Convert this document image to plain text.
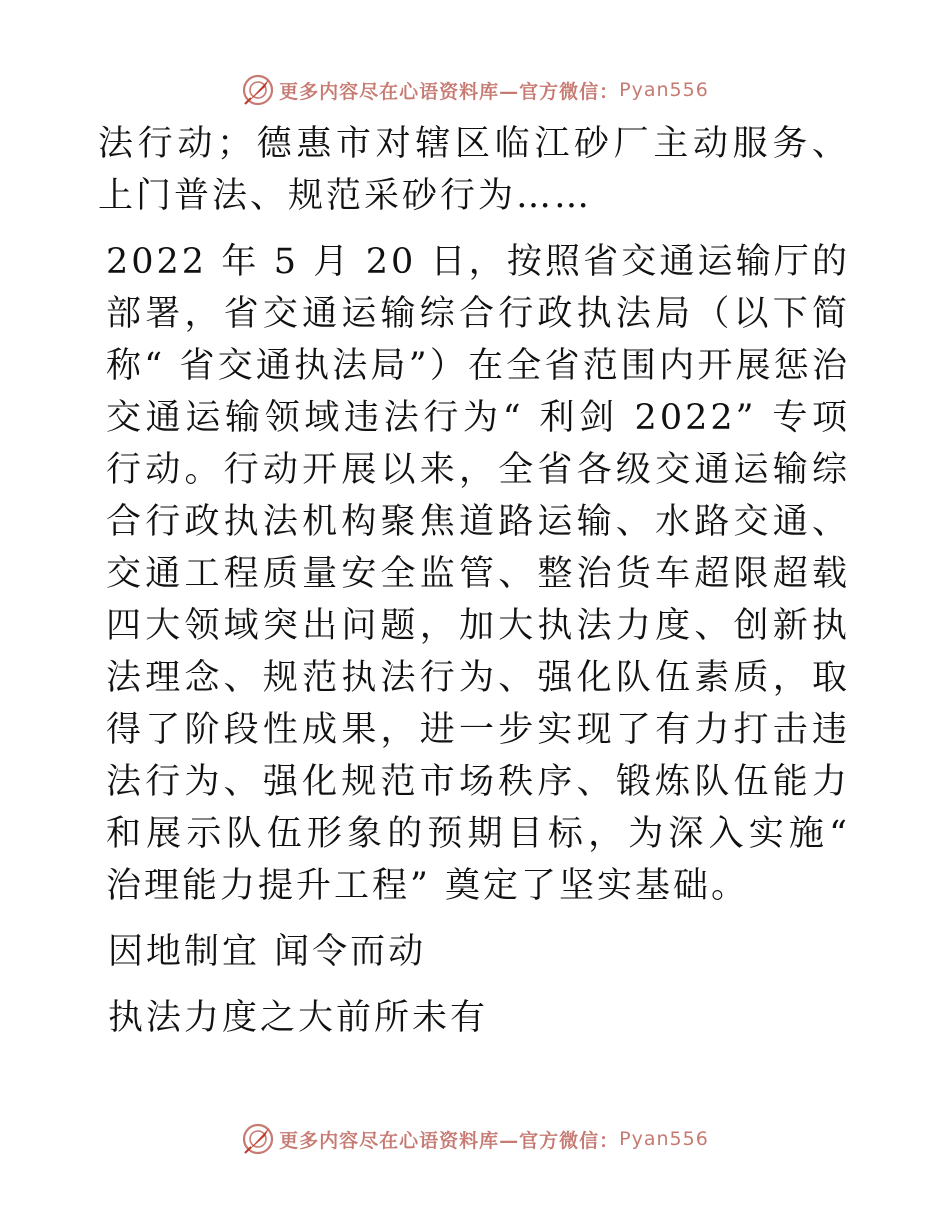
更多内容尽在心语资料库—官方微信： Pyan556

法行动；德惠市对辖区临江砂厂主动服务、上门普法、规范采砂行为……

2022 年 5 月 20 日，按照省交通运输厅的部署，省交通运输综合行政执法局（以下简称“ 省交通执法局”）在全省范围内开展惩治交通运输领域违法行为“ 利剑 2022” 专项行动。行动开展以来，全省各级交通运输综合行政执法机构聚焦道路运输、水路交通、交通工程质量安全监管、整治货车超限超载四大领域突出问题，加大执法力度、创新执法理念、规范执法行为、强化队伍素质，取得了阶段性成果，进一步实现了有力打击违法行为、强化规范市场秩序、锻炼队伍能力和展示队伍形象的预期目标，为深入实施“ 治理能力提升工程” 奠定了坚实基础。

因地制宜 闻令而动

执法力度之大前所未有

更多内容尽在心语资料库—官方微信： Pyan556
